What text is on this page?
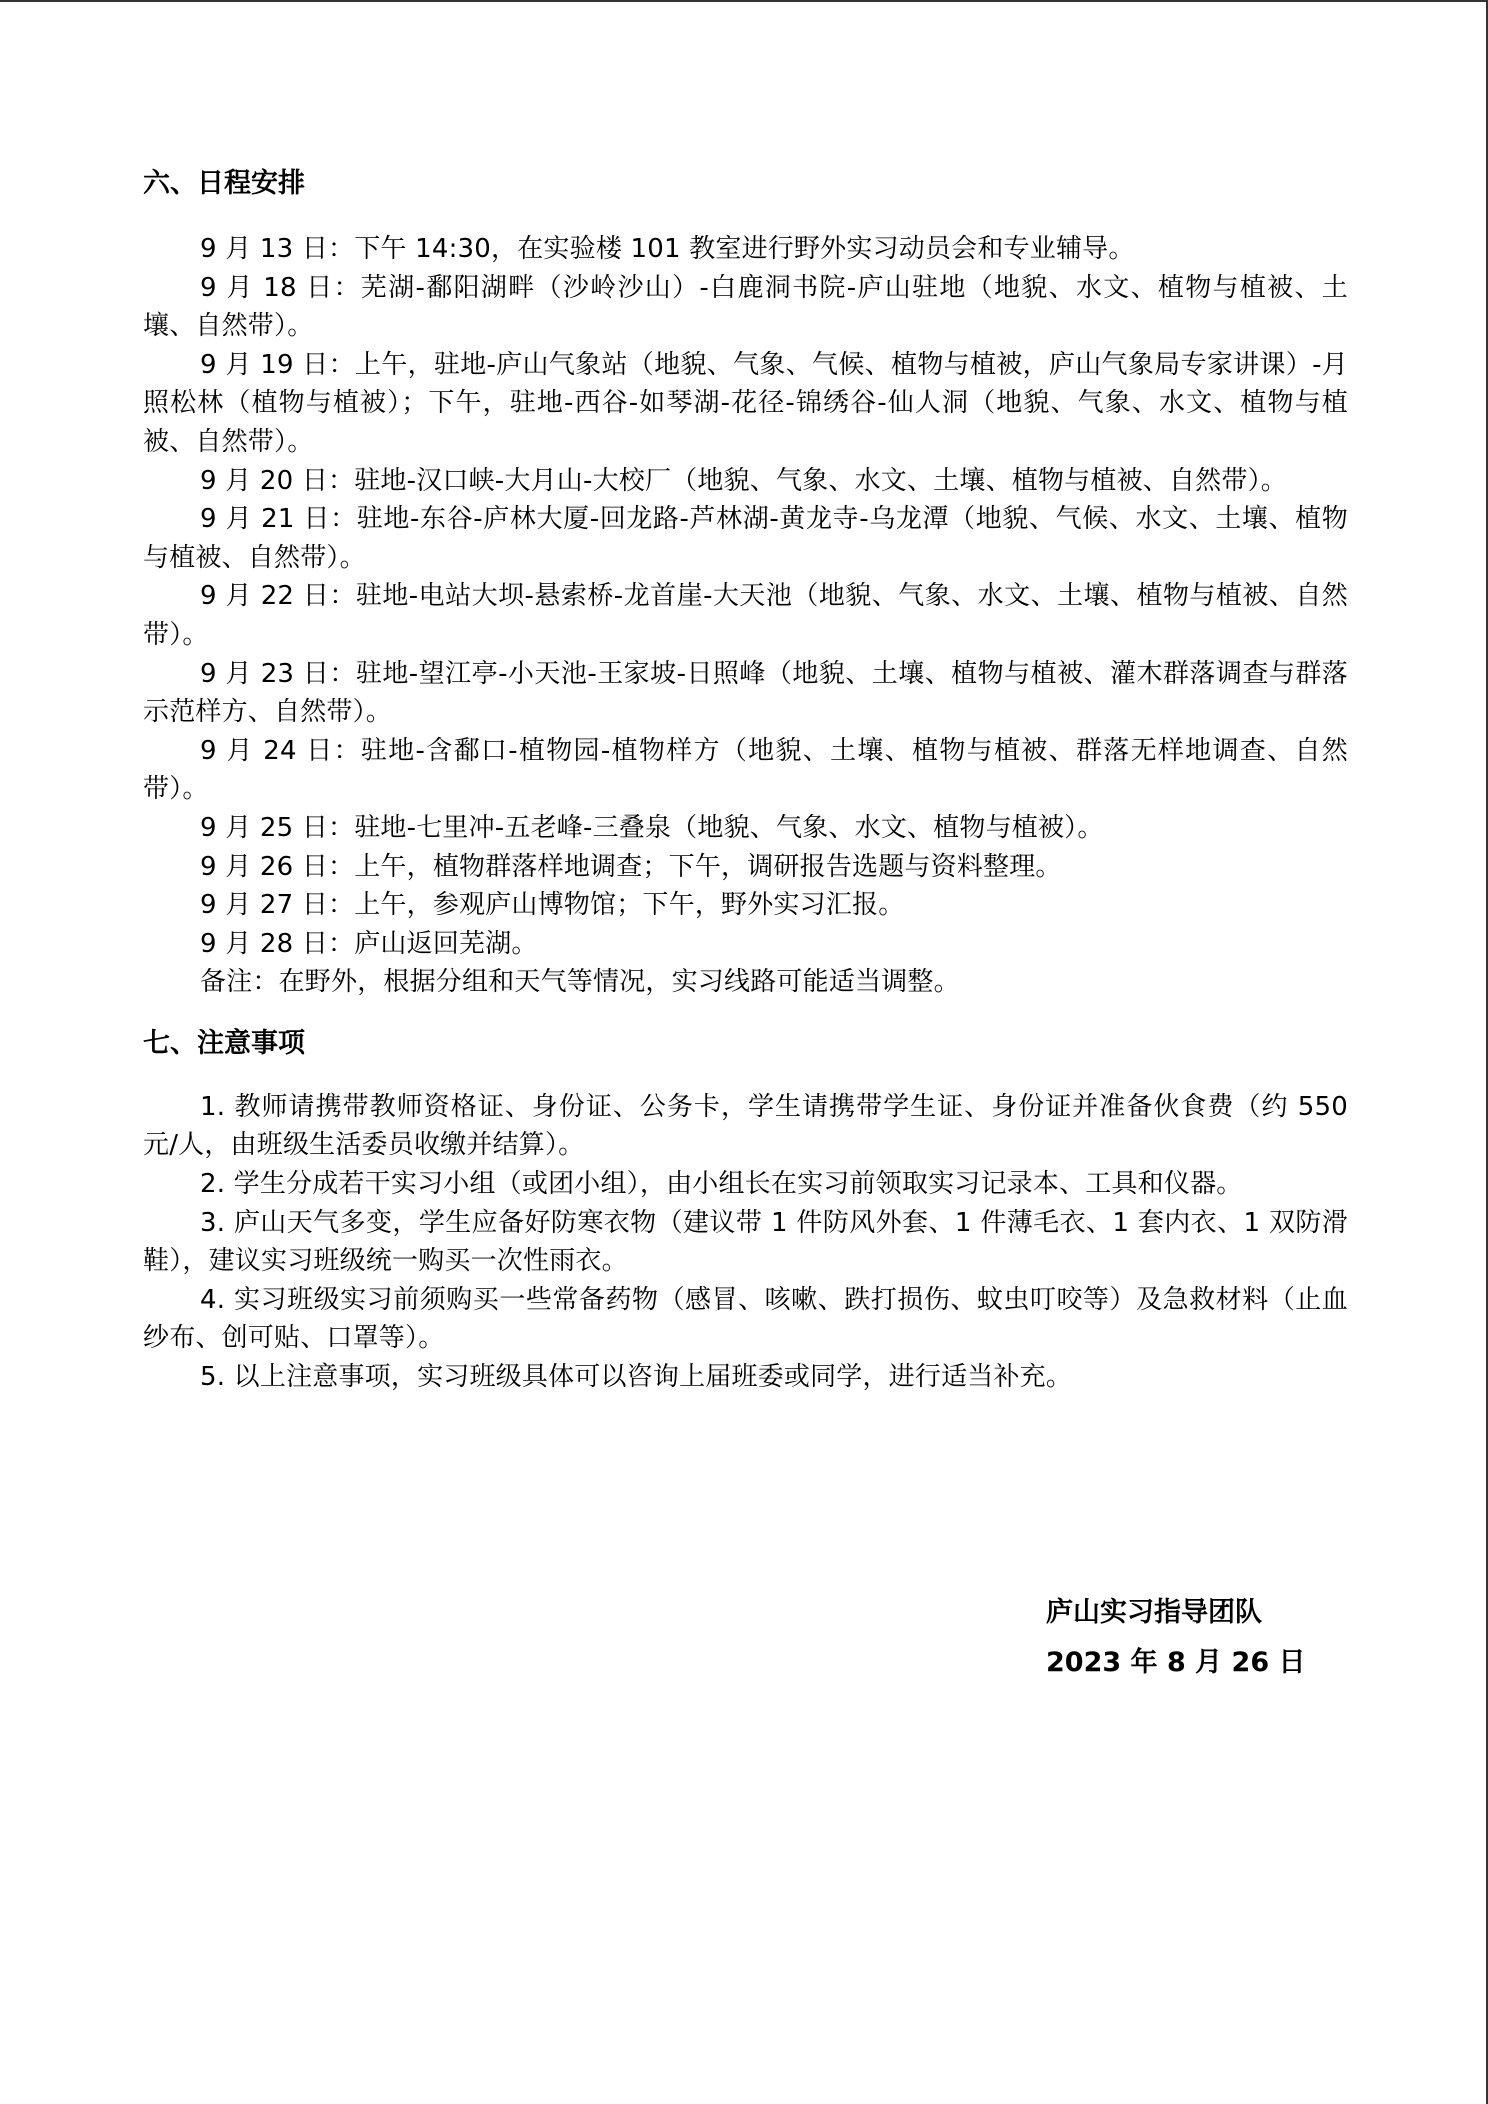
六、日程安排

9 月 13 日：下午 14:30，在实验楼 101 教室进行野外实习动员会和专业辅导。

9 月 18 日：芜湖-鄱阳湖畔（沙岭沙山）-白鹿洞书院-庐山驻地（地貌、水文、植物与植被、土壤、自然带）。

9 月 19 日：上午，驻地-庐山气象站（地貌、气象、气候、植物与植被，庐山气象局专家讲课）-月照松林（植物与植被）；下午，驻地-西谷-如琴湖-花径-锦绣谷-仙人洞（地貌、气象、水文、植物与植被、自然带）。

9 月 20 日：驻地-汉口峡-大月山-大校厂（地貌、气象、水文、土壤、植物与植被、自然带）。

9 月 21 日：驻地-东谷-庐林大厦-回龙路-芦林湖-黄龙寺-乌龙潭（地貌、气候、水文、土壤、植物与植被、自然带）。

9 月 22 日：驻地-电站大坝-悬索桥-龙首崖-大天池（地貌、气象、水文、土壤、植物与植被、自然带）。

9 月 23 日：驻地-望江亭-小天池-王家坡-日照峰（地貌、土壤、植物与植被、灌木群落调查与群落示范样方、自然带）。

9 月 24 日：驻地-含鄱口-植物园-植物样方（地貌、土壤、植物与植被、群落无样地调查、自然带）。

9 月 25 日：驻地-七里冲-五老峰-三叠泉（地貌、气象、水文、植物与植被）。

9 月 26 日：上午，植物群落样地调查；下午，调研报告选题与资料整理。

9 月 27 日：上午，参观庐山博物馆；下午，野外实习汇报。

9 月 28 日：庐山返回芜湖。

备注：在野外，根据分组和天气等情况，实习线路可能适当调整。

七、注意事项

1. 教师请携带教师资格证、身份证、公务卡，学生请携带学生证、身份证并准备伙食费（约 550 元/人，由班级生活委员收缴并结算）。

2. 学生分成若干实习小组（或团小组），由小组长在实习前领取实习记录本、工具和仪器。

3. 庐山天气多变，学生应备好防寒衣物（建议带 1 件防风外套、1 件薄毛衣、1 套内衣、1 双防滑鞋），建议实习班级统一购买一次性雨衣。

4. 实习班级实习前须购买一些常备药物（感冒、咳嗽、跌打损伤、蚊虫叮咬等）及急救材料（止血纱布、创可贴、口罩等）。

5. 以上注意事项，实习班级具体可以咨询上届班委或同学，进行适当补充。

庐山实习指导团队
2023 年 8 月 26 日
